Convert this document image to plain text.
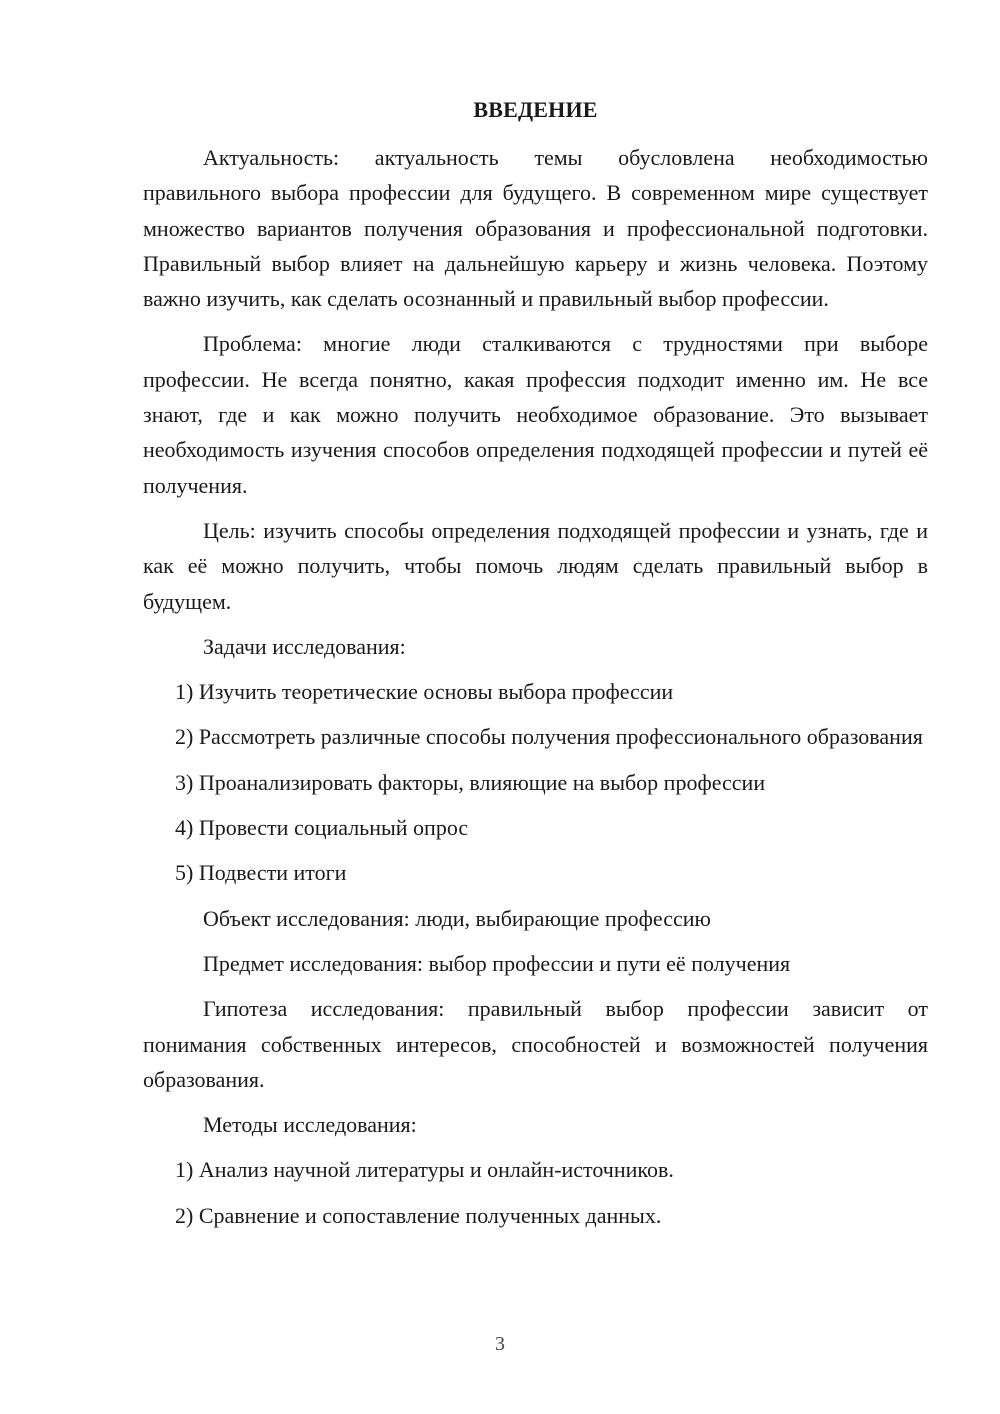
ВВЕДЕНИЕ
Актуальность: актуальность темы обусловлена необходимостью правильного выбора профессии для будущего. В современном мире существует множество вариантов получения образования и профессиональной подготовки. Правильный выбор влияет на дальнейшую карьеру и жизнь человека. Поэтому важно изучить, как сделать осознанный и правильный выбор профессии.
Проблема: многие люди сталкиваются с трудностями при выборе профессии. Не всегда понятно, какая профессия подходит именно им. Не все знают, где и как можно получить необходимое образование. Это вызывает необходимость изучения способов определения подходящей профессии и путей её получения.
Цель: изучить способы определения подходящей профессии и узнать, где и как её можно получить, чтобы помочь людям сделать правильный выбор в будущем.
Задачи исследования:
1) Изучить теоретические основы выбора профессии
2) Рассмотреть различные способы получения профессионального образования
3) Проанализировать факторы, влияющие на выбор профессии
4) Провести социальный опрос
5) Подвести итоги
Объект исследования: люди, выбирающие профессию
Предмет исследования: выбор профессии и пути её получения
Гипотеза исследования: правильный выбор профессии зависит от понимания собственных интересов, способностей и возможностей получения образования.
Методы исследования:
1) Анализ научной литературы и онлайн-источников.
2) Сравнение и сопоставление полученных данных.
3
